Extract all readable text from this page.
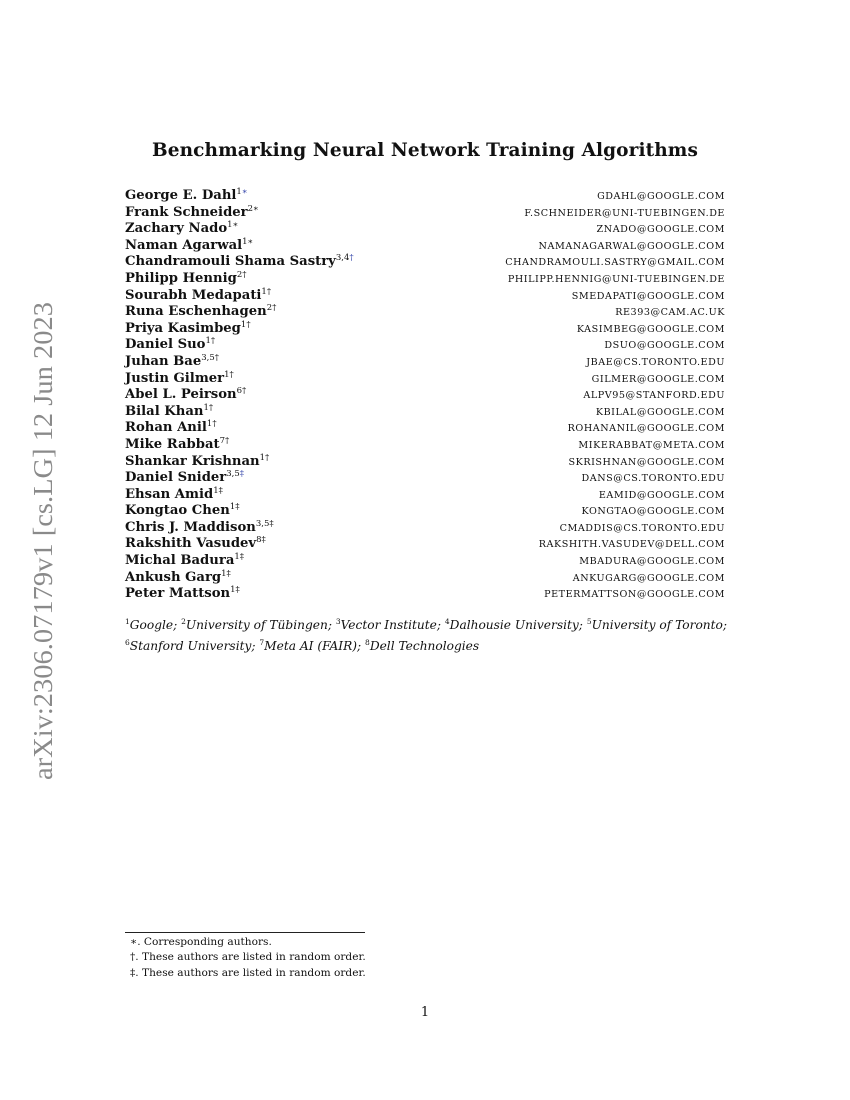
arXiv:2306.07179v1 [cs.LG] 12 Jun 2023
Benchmarking Neural Network Training Algorithms
George E. Dahl$^{1∗}$	GDAHL@GOOGLE.COM
Frank Schneider$^{2∗}$	F.SCHNEIDER@UNI-TUEBINGEN.DE
Zachary Nado$^{1∗}$	ZNADO@GOOGLE.COM
Naman Agarwal$^{1∗}$	NAMANAGARWAL@GOOGLE.COM
Chandramouli Shama Sastry$^{3,4\dagger}$	CHANDRAMOULI.SASTRY@GMAIL.COM
Philipp Hennig$^{2\dagger}$	PHILIPP.HENNIG@UNI-TUEBINGEN.DE
Sourabh Medapati$^{1\dagger}$	SMEDAPATI@GOOGLE.COM
Runa Eschenhagen$^{2\dagger}$	RE393@CAM.AC.UK
Priya Kasimbeg$^{1\dagger}$	KASIMBEG@GOOGLE.COM
Daniel Suo$^{1\dagger}$	DSUO@GOOGLE.COM
Juhan Bae$^{3,5\dagger}$	JBAE@CS.TORONTO.EDU
Justin Gilmer$^{1\dagger}$	GILMER@GOOGLE.COM
Abel L. Peirson$^{6\dagger}$	ALPV95@STANFORD.EDU
Bilal Khan$^{1\dagger}$	KBILAL@GOOGLE.COM
Rohan Anil$^{1\dagger}$	ROHANANIL@GOOGLE.COM
Mike Rabbat$^{7\dagger}$	MIKERABBAT@META.COM
Shankar Krishnan$^{1\dagger}$	SKRISHNAN@GOOGLE.COM
Daniel Snider$^{3,5\ddagger}$	DANS@CS.TORONTO.EDU
Ehsan Amid$^{1\ddagger}$	EAMID@GOOGLE.COM
Kongtao Chen$^{1\ddagger}$	KONGTAO@GOOGLE.COM
Chris J. Maddison$^{3,5\ddagger}$	CMADDIS@CS.TORONTO.EDU
Rakshith Vasudev$^{8\ddagger}$	RAKSHITH.VASUDEV@DELL.COM
Michal Badura$^{1\ddagger}$	MBADURA@GOOGLE.COM
Ankush Garg$^{1\ddagger}$	ANKUGARG@GOOGLE.COM
Peter Mattson$^{1\ddagger}$	PETERMATTSON@GOOGLE.COM
$^1$Google; $^2$University of Tübingen; $^3$Vector Institute; $^4$Dalhousie University; $^5$University of Toronto; $^6$Stanford University; $^7$Meta AI (FAIR); $^8$Dell Technologies
∗. Corresponding authors.
†. These authors are listed in random order.
‡. These authors are listed in random order.
1
